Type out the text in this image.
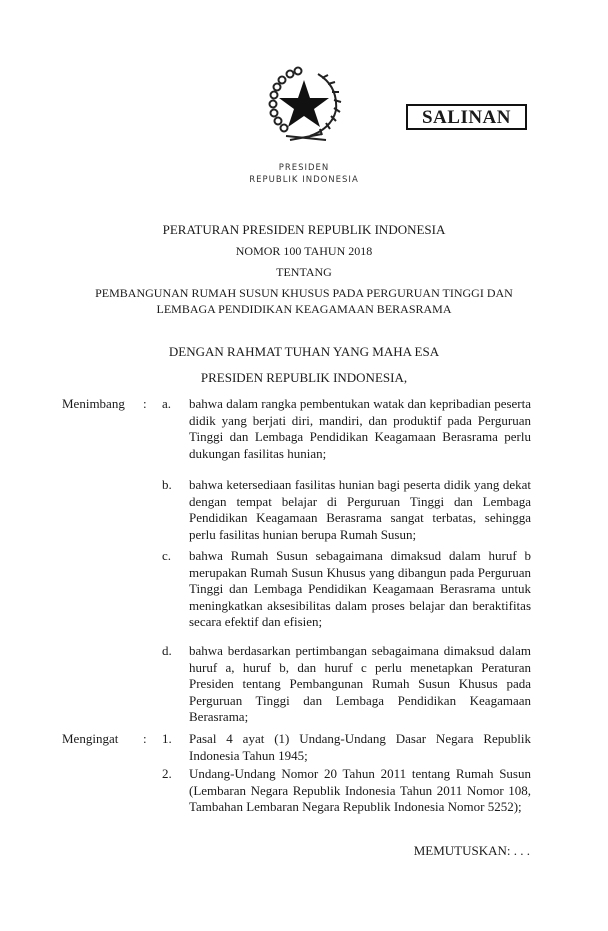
SALINAN
PRESIDEN
REPUBLIK INDONESIA
PERATURAN PRESIDEN REPUBLIK INDONESIA
NOMOR 100 TAHUN 2018
TENTANG
PEMBANGUNAN RUMAH SUSUN KHUSUS PADA PERGURUAN TINGGI DAN
LEMBAGA PENDIDIKAN KEAGAMAAN BERASRAMA
DENGAN RAHMAT TUHAN YANG MAHA ESA
PRESIDEN REPUBLIK INDONESIA,
Menimbang : a. bahwa dalam rangka pembentukan watak dan kepribadian peserta didik yang berjati diri, mandiri, dan produktif pada Perguruan Tinggi dan Lembaga Pendidikan Keagamaan Berasrama perlu dukungan fasilitas hunian;
b. bahwa ketersediaan fasilitas hunian bagi peserta didik yang dekat dengan tempat belajar di Perguruan Tinggi dan Lembaga Pendidikan Keagamaan Berasrama sangat terbatas, sehingga perlu fasilitas hunian berupa Rumah Susun;
c. bahwa Rumah Susun sebagaimana dimaksud dalam huruf b merupakan Rumah Susun Khusus yang dibangun pada Perguruan Tinggi dan Lembaga Pendidikan Keagamaan Berasrama untuk meningkatkan aksesibilitas dalam proses belajar dan beraktifitas secara efektif dan efisien;
d. bahwa berdasarkan pertimbangan sebagaimana dimaksud dalam huruf a, huruf b, dan huruf c perlu menetapkan Peraturan Presiden tentang Pembangunan Rumah Susun Khusus pada Perguruan Tinggi dan Lembaga Pendidikan Keagamaan Berasrama;
Mengingat : 1. Pasal 4 ayat (1) Undang-Undang Dasar Negara Republik Indonesia Tahun 1945;
2. Undang-Undang Nomor 20 Tahun 2011 tentang Rumah Susun (Lembaran Negara Republik Indonesia Tahun 2011 Nomor 108, Tambahan Lembaran Negara Republik Indonesia Nomor 5252);
MEMUTUSKAN: . . .
